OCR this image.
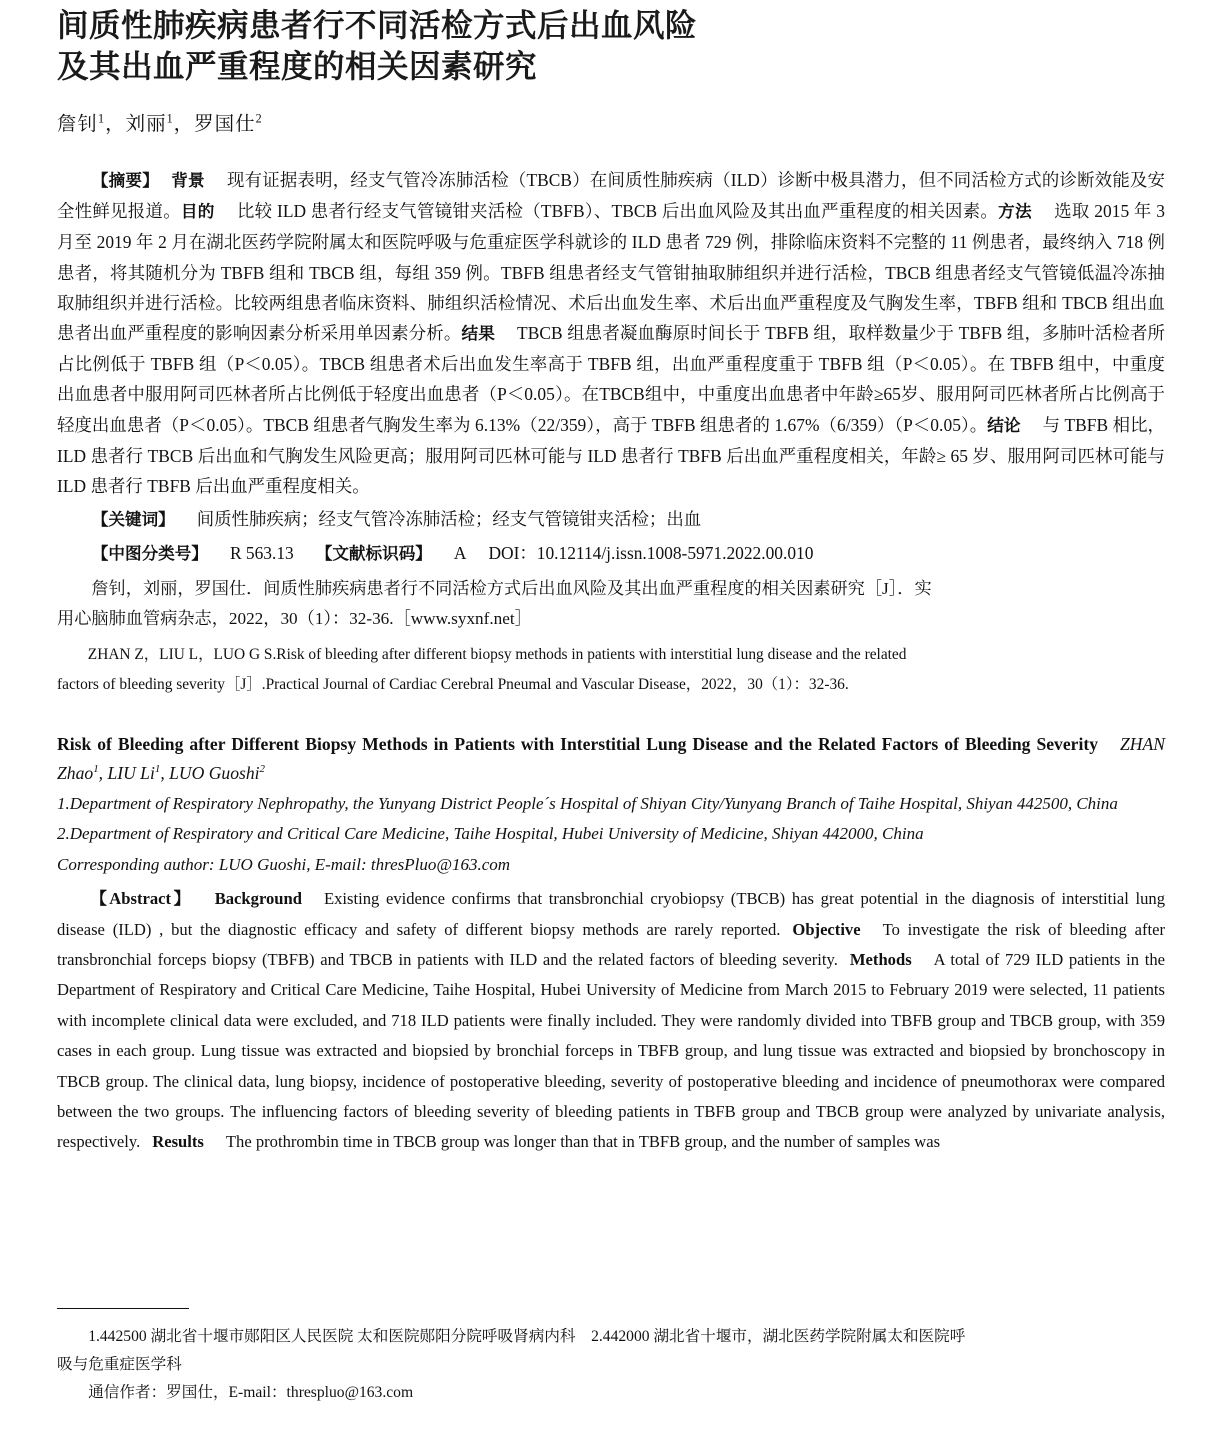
间质性肺疾病患者行不同活检方式后出血风险
及其出血严重程度的相关因素研究
詹钊$^1$，刘丽$^1$，罗国仕$^2$

【摘要】 背景 现有证据表明，经支气管冷冻肺活检（TBCB）在间质性肺疾病（ILD）诊断中极具潜力，但不同活检方式的诊断效能及安全性鲜见报道。目的 比较 ILD 患者行经支气管镜钳夹活检（TBFB）、TBCB 后出血风险及其出血严重程度的相关因素。方法 选取 2015 年 3 月至 2019 年 2 月在湖北医药学院附属太和医院呼吸与危重症医学科就诊的 ILD 患者 729 例，排除临床资料不完整的 11 例患者，最终纳入 718 例患者，将其随机分为 TBFB 组和 TBCB 组，每组 359 例。TBFB 组患者经支气管钳抽取肺组织并进行活检，TBCB 组患者经支气管镜低温冷冻抽取肺组织并进行活检。比较两组患者临床资料、肺组织活检情况、术后出血发生率、术后出血严重程度及气胸发生率，TBFB 组和 TBCB 组出血患者出血严重程度的影响因素分析采用单因素分析。结果 TBCB 组患者凝血酶原时间长于 TBFB 组，取样数量少于 TBFB 组，多肺叶活检者所占比例低于 TBFB 组（P＜0.05）。TBCB 组患者术后出血发生率高于 TBFB 组，出血严重程度重于 TBFB 组（P＜0.05）。在 TBFB 组中，中重度出血患者中服用阿司匹林者所占比例低于轻度出血患者（P＜0.05）。在TBCB组中，中重度出血患者中年龄≥65岁、服用阿司匹林者所占比例高于轻度出血患者（P＜0.05）。TBCB 组患者气胸发生率为 6.13%（22/359），高于 TBFB 组患者的 1.67%（6/359）（P＜0.05）。结论 与 TBFB 相比，ILD 患者行 TBCB 后出血和气胸发生风险更高；服用阿司匹林可能与 ILD 患者行 TBFB 后出血严重程度相关，年龄≥ 65 岁、服用阿司匹林可能与 ILD 患者行 TBFB 后出血严重程度相关。

【关键词】 间质性肺疾病；经支气管冷冻肺活检；经支气管镜钳夹活检；出血
【中图分类号】 R 563.13 【文献标识码】 A DOI：10.12114/j.issn.1008-5971.2022.00.010

詹钊，刘丽，罗国仕．间质性肺疾病患者行不同活检方式后出血风险及其出血严重程度的相关因素研究［J］．实

用心脑肺血管病杂志，2022，30（1）：32-36.［www.syxnf.net］

ZHAN Z，LIU L，LUO G S.Risk of bleeding after different biopsy methods in patients with interstitial lung disease and the related

factors of bleeding severity［J］.Practical Journal of Cardiac Cerebral Pneumal and Vascular Disease，2022，30（1）：32-36.

Risk of Bleeding after Different Biopsy Methods in Patients with Interstitial Lung Disease and the Related Factors of Bleeding Severity ZHAN Zhao$^1$, LIU Li$^1$, LUO Guoshi$^2$

1.Department of Respiratory Nephropathy, the Yunyang District People´s Hospital of Shiyan City/Yunyang Branch of Taihe Hospital, Shiyan 442500, China

2.Department of Respiratory and Critical Care Medicine, Taihe Hospital, Hubei University of Medicine, Shiyan 442000, China

Corresponding author: LUO Guoshi, E-mail: thresPluo@163.com

【Abstract】 Background Existing evidence confirms that transbronchial cryobiopsy (TBCB) has great potential in the diagnosis of interstitial lung disease (ILD) , but the diagnostic efficacy and safety of different biopsy methods are rarely reported. Objective To investigate the risk of bleeding after transbronchial forceps biopsy (TBFB) and TBCB in patients with ILD and the related factors of bleeding severity. Methods A total of 729 ILD patients in the Department of Respiratory and Critical Care Medicine, Taihe Hospital, Hubei University of Medicine from March 2015 to February 2019 were selected, 11 patients with incomplete clinical data were excluded, and 718 ILD patients were finally included. They were randomly divided into TBFB group and TBCB group, with 359 cases in each group. Lung tissue was extracted and biopsied by bronchial forceps in TBFB group, and lung tissue was extracted and biopsied by bronchoscopy in TBCB group. The clinical data, lung biopsy, incidence of postoperative bleeding, severity of postoperative bleeding and incidence of pneumothorax were compared between the two groups. The influencing factors of bleeding severity of bleeding patients in TBFB group and TBCB group were analyzed by univariate analysis, respectively. Results The prothrombin time in TBCB group was longer than that in TBFB group, and the number of samples was

1.442500 湖北省十堰市郧阳区人民医院 太和医院郧阳分院呼吸肾病内科　2.442000 湖北省十堰市，湖北医药学院附属太和医院呼

吸与危重症医学科

通信作者：罗国仕，E-mail：threspluo@163.com
